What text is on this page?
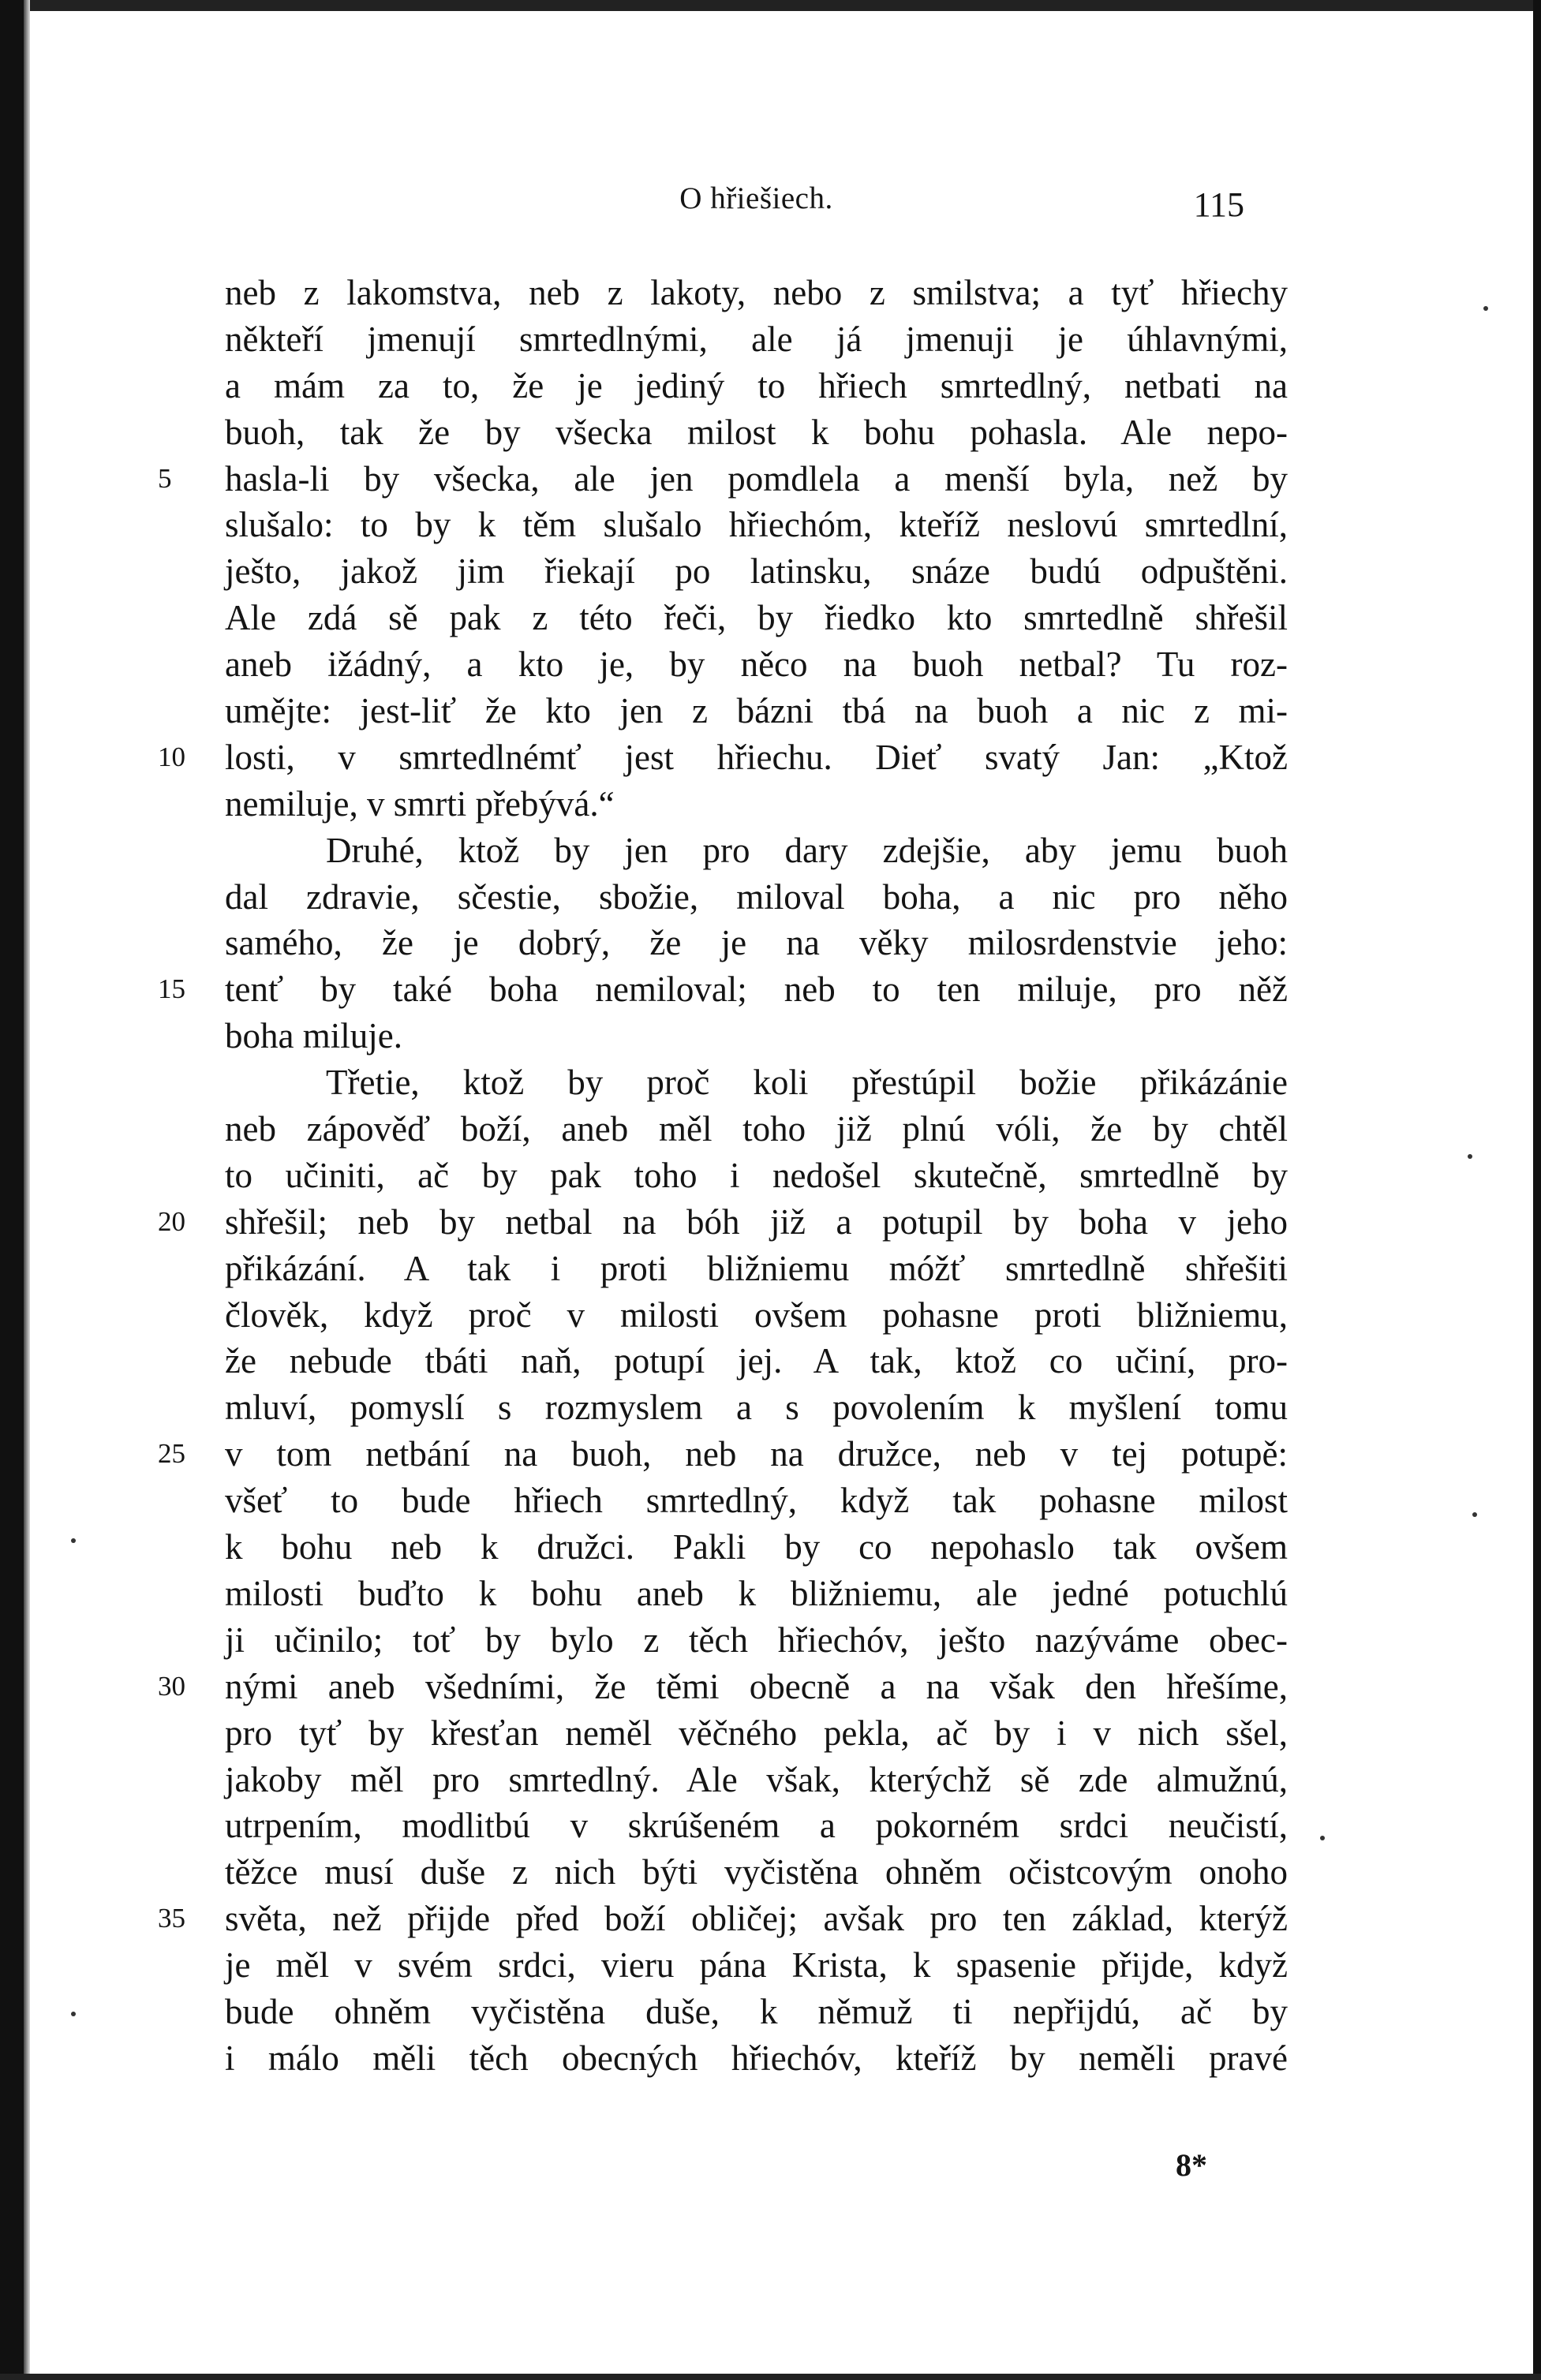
O hřiešiech.	115
neb z lakomstva, neb z lakoty, nebo z smilstva; a tyť hřiechy
někteří jmenují smrtedlnými, ale já jmenuji je úhlavnými,
a mám za to, že je jediný to hřiech smrtedlný, netbati na
buoh, tak že by všecka milost k bohu pohasla. Ale nepo-
5	hasla-li by všecka, ale jen pomdlela a menší byla, než by
slušalo: to by k těm slušalo hřiechóm, kteříž neslovú smrtedlní,
ješto, jakož jim řiekají po latinsku, snáze budú odpuštěni.
Ale zdá sě pak z této řeči, by řiedko kto smrtedlně shřešil
aneb ižádný, a kto je, by něco na buoh netbal? Tu roz-
umějte: jest-liť že kto jen z bázni tbá na buoh a nic z mi-
10	losti, v smrtedlnémť jest hřiechu. Dieť svatý Jan: „Ktož
nemiluje, v smrti přebývá.“
Druhé, ktož by jen pro dary zdejšie, aby jemu buoh
dal zdravie, sčestie, sbožie, miloval boha, a nic pro něho
samého, že je dobrý, že je na věky milosrdenstvie jeho:
15	tenť by také boha nemiloval; neb to ten miluje, pro něž
boha miluje.
Třetie, ktož by proč koli přestúpil božie přikázánie
neb zápověď boží, aneb měl toho již plnú vóli, že by chtěl
to učiniti, ač by pak toho i nedošel skutečně, smrtedlně by
20	shřešil; neb by netbal na bóh již a potupil by boha v jeho
přikázání. A tak i proti bližniemu móžť smrtedlně shřešiti
člověk, když proč v milosti ovšem pohasne proti bližniemu,
že nebude tbáti naň, potupí jej. A tak, ktož co učiní, pro-
mluví, pomyslí s rozmyslem a s povolením k myšlení tomu
25	v tom netbání na buoh, neb na družce, neb v tej potupě:
všeť to bude hřiech smrtedlný, když tak pohasne milost
k bohu neb k družci. Pakli by co nepohaslo tak ovšem
milosti buďto k bohu aneb k bližniemu, ale jedné potuchlú
ji učinilo; toť by bylo z těch hřiechóv, ješto nazýváme obec-
30	nými aneb všedními, že těmi obecně a na však den hřešíme,
pro tyť by křesťan neměl věčného pekla, ač by i v nich sšel,
jakoby měl pro smrtedlný. Ale však, kterýchž sě zde almužnú,
utrpením, modlitbú v skrúšeném a pokorném srdci neučistí,
těžce musí duše z nich býti vyčistěna ohněm očistcovým onoho
35	světa, než přijde před boží obličej; avšak pro ten základ, kterýž
je měl v svém srdci, vieru pána Krista, k spasenie přijde, když
bude ohněm vyčistěna duše, k němuž ti nepřijdú, ač by
i málo měli těch obecných hřiechóv, kteříž by neměli pravé
8*
